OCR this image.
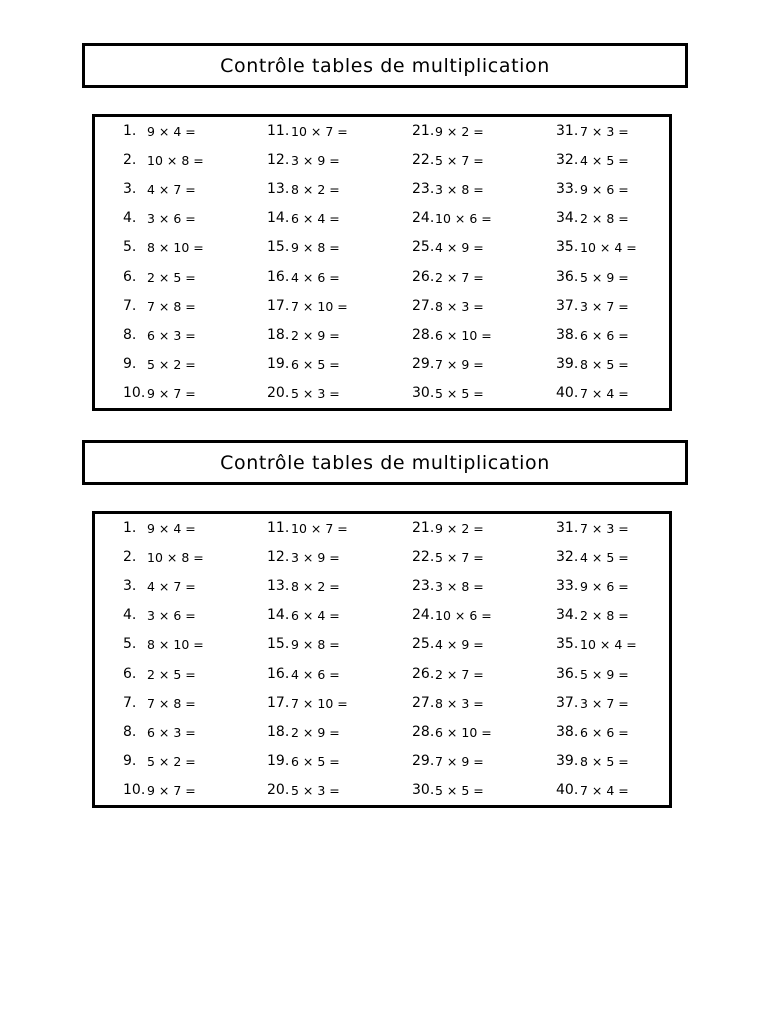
Contrôle tables de multiplication
1. 9 × 4 =	11. 10 × 7 =	21. 9 × 2 =	31. 7 × 3 =
2. 10 × 8 =	12. 3 × 9 =	22. 5 × 7 =	32. 4 × 5 =
3. 4 × 7 =	13. 8 × 2 =	23. 3 × 8 =	33. 9 × 6 =
4. 3 × 6 =	14. 6 × 4 =	24. 10 × 6 =	34. 2 × 8 =
5. 8 × 10 =	15. 9 × 8 =	25. 4 × 9 =	35. 10 × 4 =
6. 2 × 5 =	16. 4 × 6 =	26. 2 × 7 =	36. 5 × 9 =
7. 7 × 8 =	17. 7 × 10 =	27. 8 × 3 =	37. 3 × 7 =
8. 6 × 3 =	18. 2 × 9 =	28. 6 × 10 =	38. 6 × 6 =
9. 5 × 2 =	19. 6 × 5 =	29. 7 × 9 =	39. 8 × 5 =
10. 9 × 7 =	20. 5 × 3 =	30. 5 × 5 =	40. 7 × 4 =
Contrôle tables de multiplication
1. 9 × 4 =	11. 10 × 7 =	21. 9 × 2 =	31. 7 × 3 =
2. 10 × 8 =	12. 3 × 9 =	22. 5 × 7 =	32. 4 × 5 =
3. 4 × 7 =	13. 8 × 2 =	23. 3 × 8 =	33. 9 × 6 =
4. 3 × 6 =	14. 6 × 4 =	24. 10 × 6 =	34. 2 × 8 =
5. 8 × 10 =	15. 9 × 8 =	25. 4 × 9 =	35. 10 × 4 =
6. 2 × 5 =	16. 4 × 6 =	26. 2 × 7 =	36. 5 × 9 =
7. 7 × 8 =	17. 7 × 10 =	27. 8 × 3 =	37. 3 × 7 =
8. 6 × 3 =	18. 2 × 9 =	28. 6 × 10 =	38. 6 × 6 =
9. 5 × 2 =	19. 6 × 5 =	29. 7 × 9 =	39. 8 × 5 =
10. 9 × 7 =	20. 5 × 3 =	30. 5 × 5 =	40. 7 × 4 =
